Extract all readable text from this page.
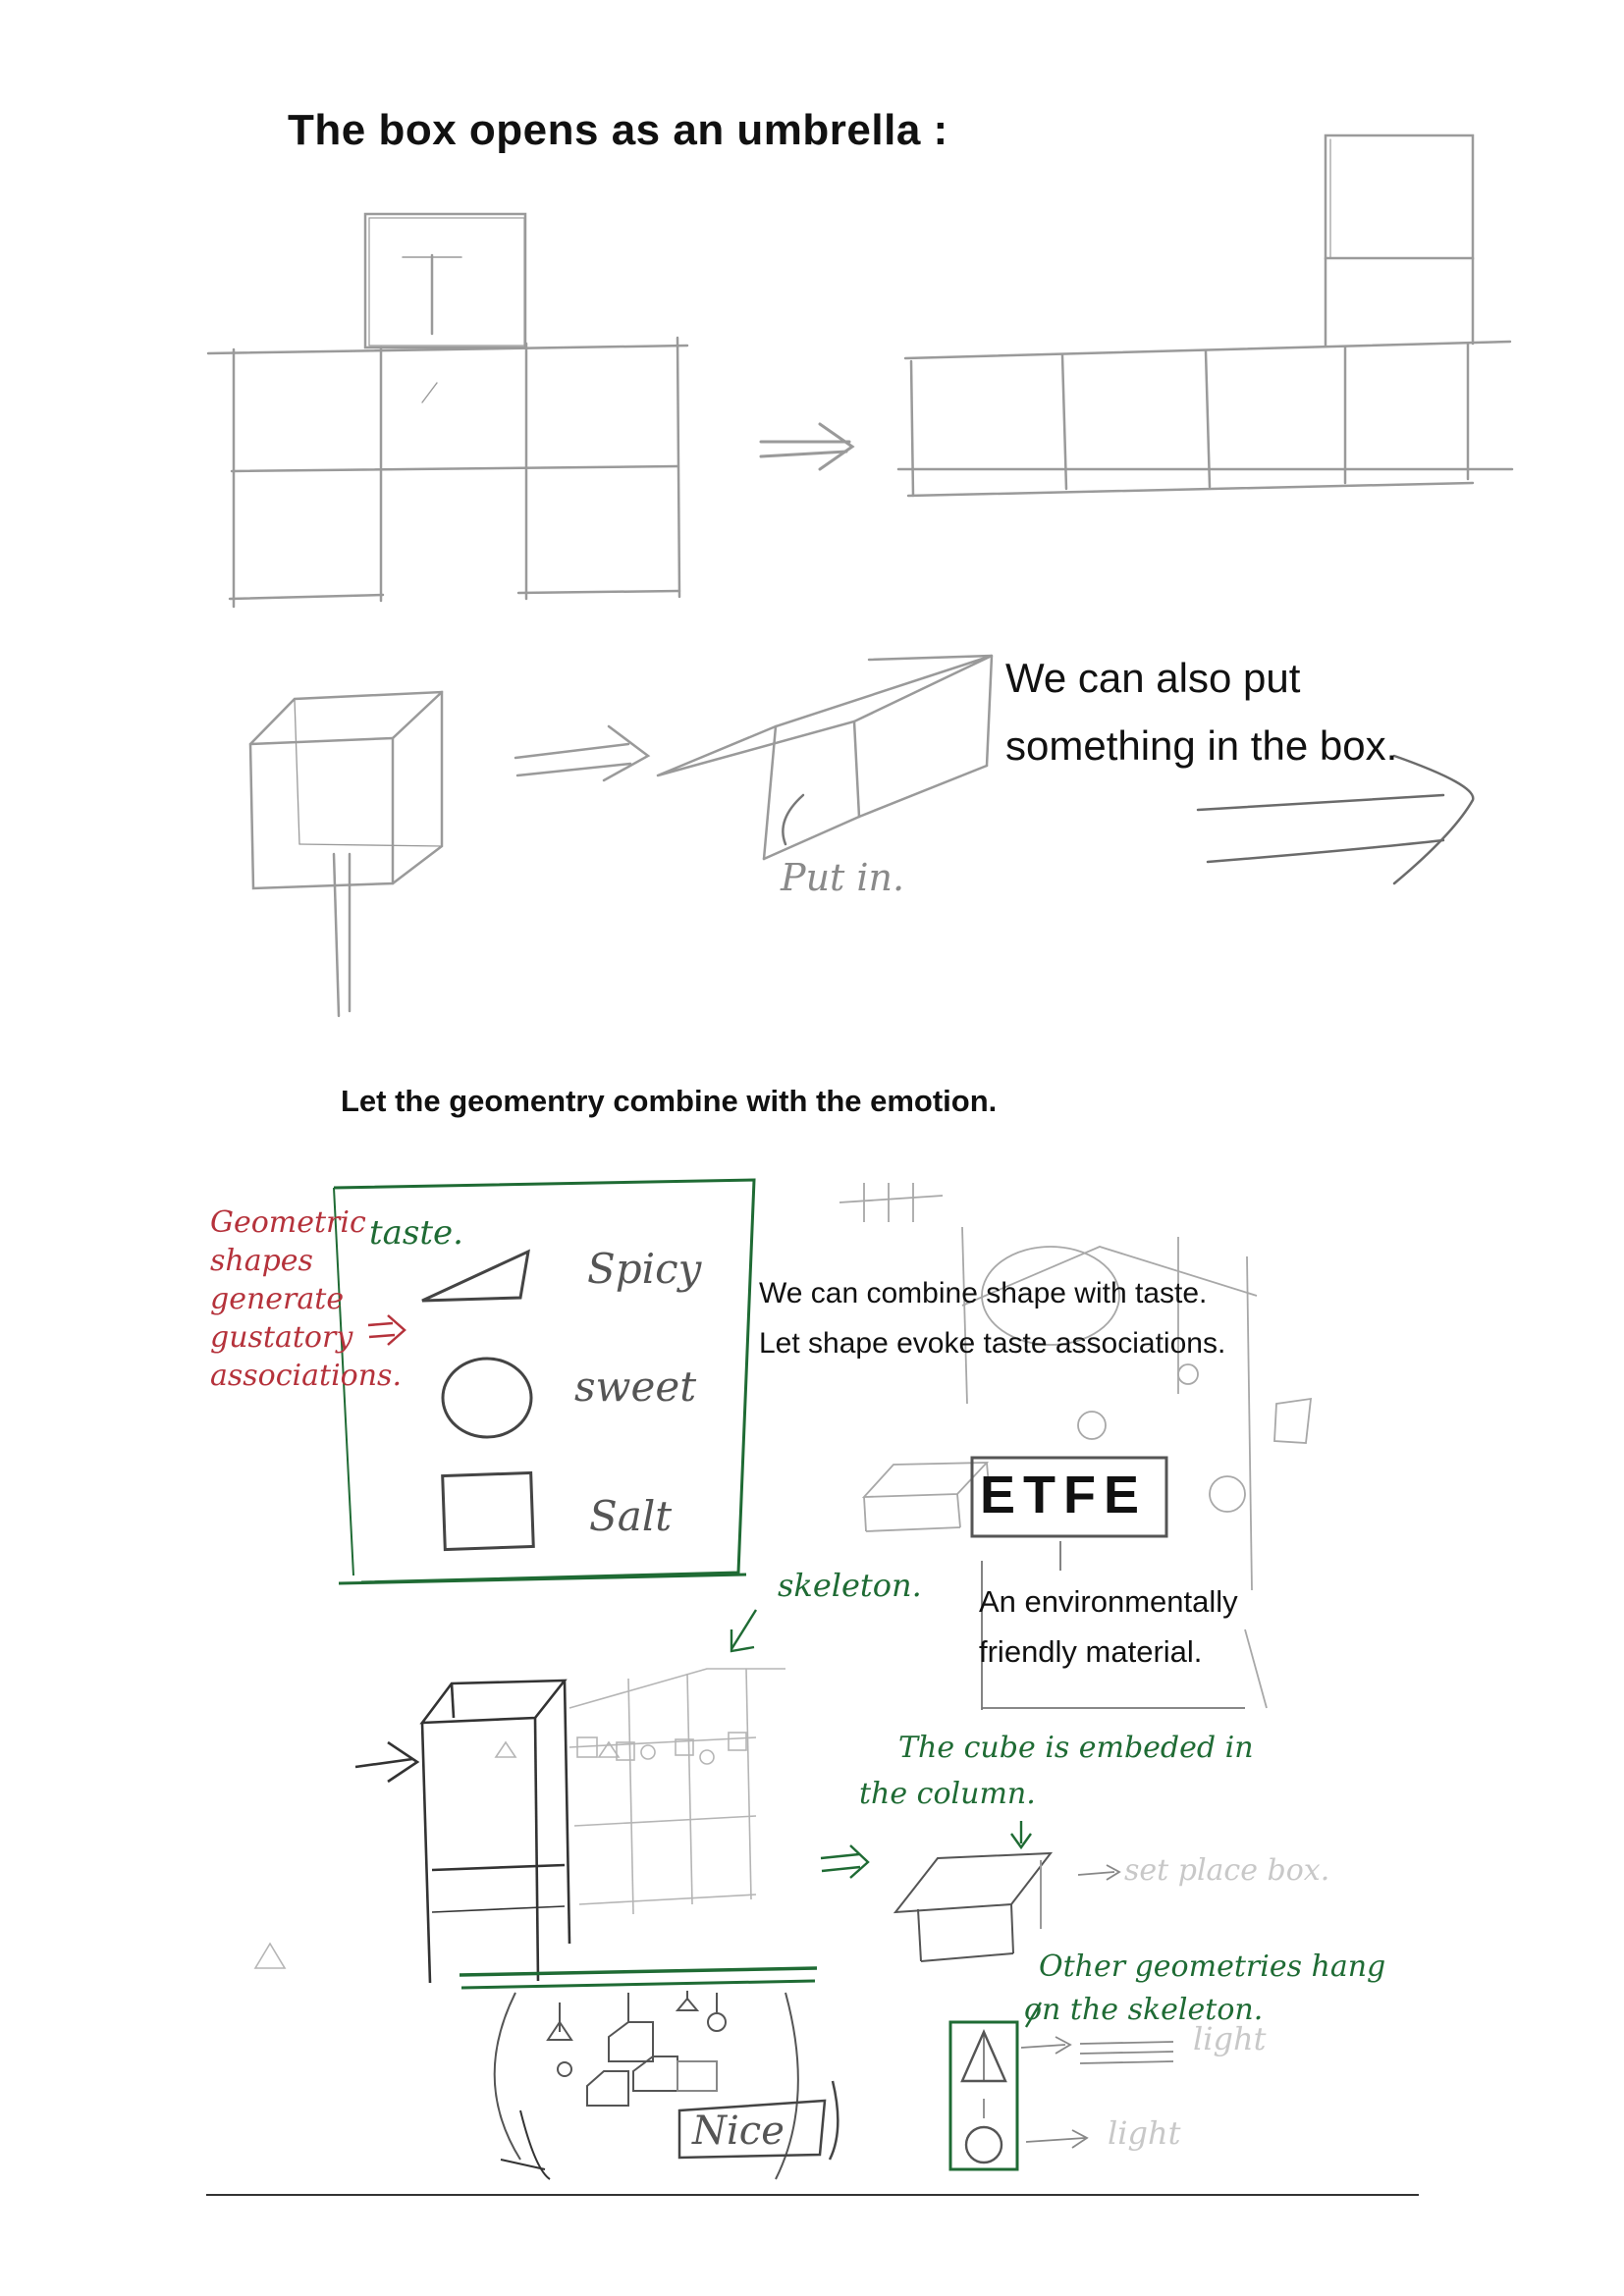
The box opens as an umbrella :
We can also put
something in the box.
Put in.
Let the geomentry combine with the emotion.
Geometric
shapes
generate
gustatory
associations.
taste.
Spicy
sweet
Salt
We can combine shape with taste.
Let shape evoke taste associations.
ETFE
An environmentally
friendly material.
skeleton.
The cube is embeded in
the column.
set place box.
Other geometries hang
on the skeleton.
light
light
Nice
